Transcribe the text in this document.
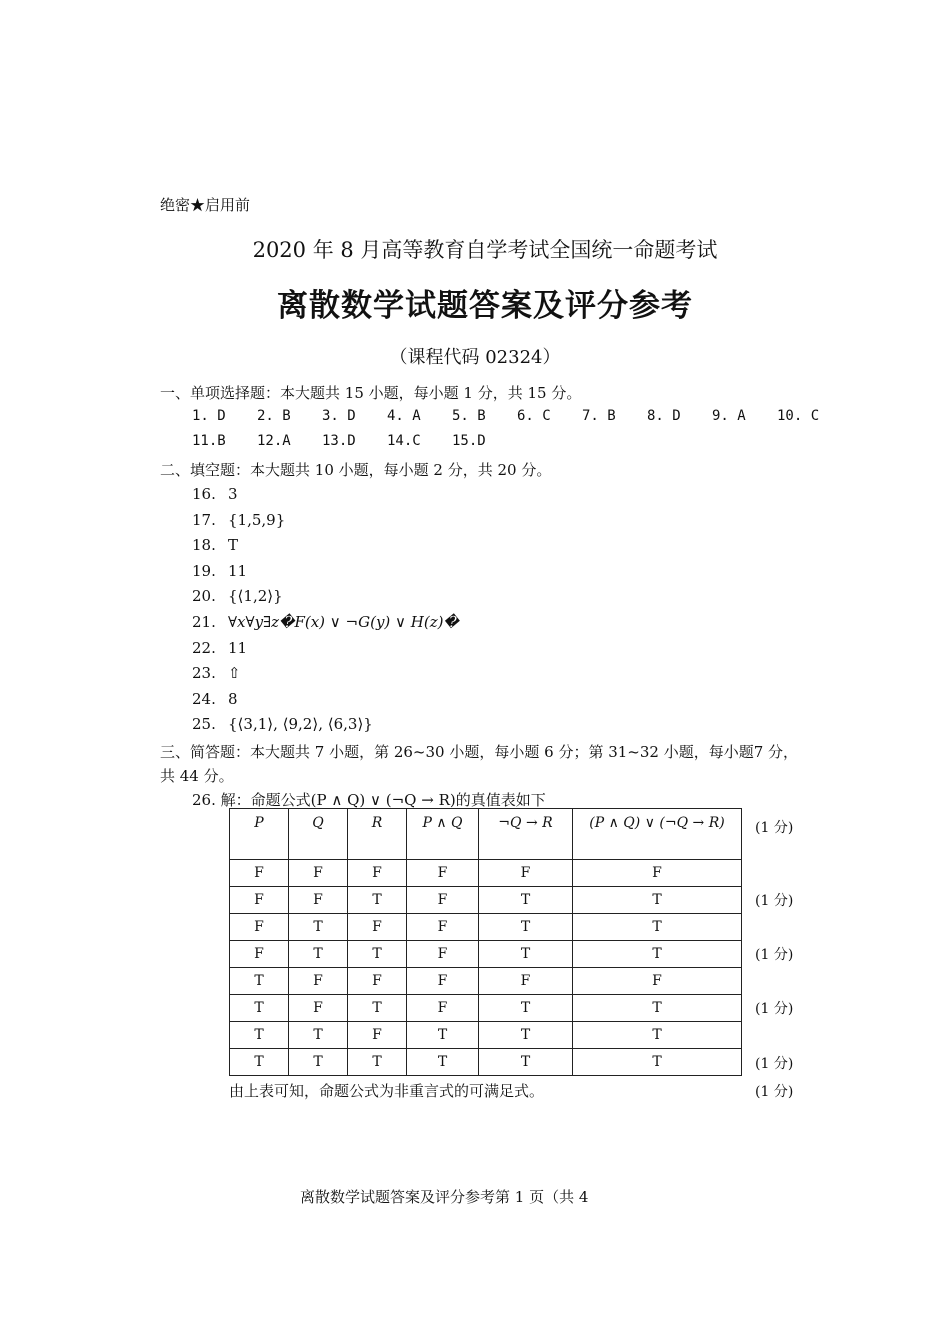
绝密★启用前
2020 年 8 月高等教育自学考试全国统一命题考试
离散数学试题答案及评分参考
（课程代码 02324）
一、单项选择题：本大题共 15 小题，每小题 1 分，共 15 分。
1. D 2. B 3. D 4. A 5. B 6. C 7. B 8. D 9. A 10. C
11.B 12.A 13.D 14.C 15.D
二、填空题：本大题共 10 小题，每小题 2 分，共 20 分。
16. 3
17. {1,5,9}
18. T
19. 11
20. {⟨1,2⟩}
21. ∀x∀y∃z�F(x) ∨ ¬G(y) ∨ H(z)�
22. 11
23. ⇧
24. 8
25. {⟨3,1⟩, ⟨9,2⟩, ⟨6,3⟩}
三、简答题：本大题共 7 小题，第 26~30 小题，每小题 6 分；第 31~32 小题，每小题7 分，共 44 分。
26. 解：命题公式(P ∧ Q) ∨ (¬Q → R)的真值表如下
P	Q	R	P ∧ Q	¬Q → R	(P ∧ Q) ∨ (¬Q → R)
F	F	F	F	F	F
F	F	T	F	T	T
F	T	F	F	T	T
F	T	T	F	T	T
T	F	F	F	F	F
T	F	T	F	T	T
T	T	F	T	T	T
T	T	T	T	T	T
(1 分)
(1 分)
(1 分)
(1 分)
(1 分)
由上表可知，命题公式为非重言式的可满足式。	(1 分)
离散数学试题答案及评分参考第 1 页（共 4
